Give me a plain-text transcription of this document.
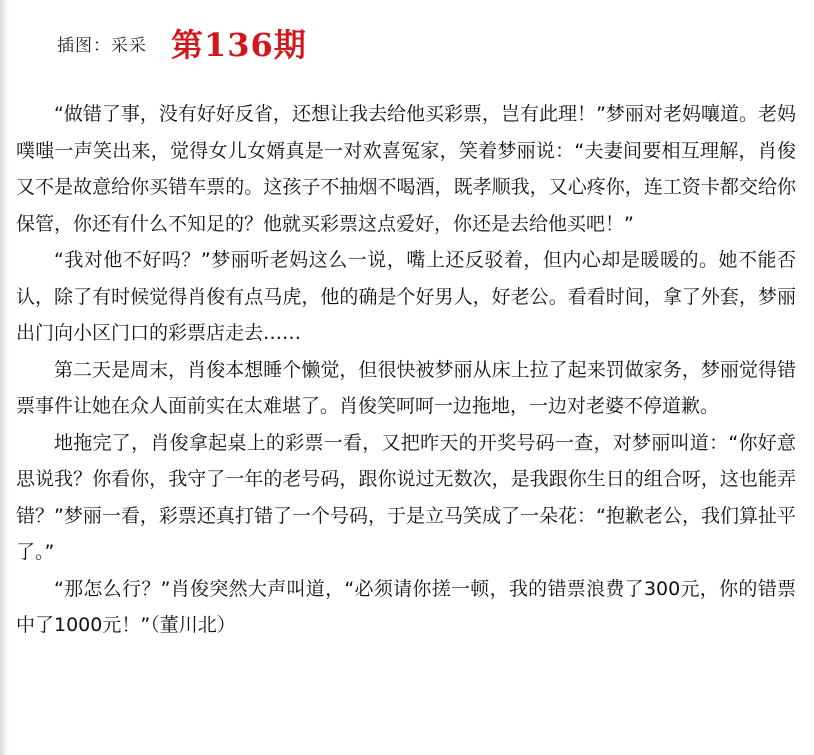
插图：采采 第136期

“做错了事，没有好好反省，还想让我去给他买彩票，岂有此理！”梦丽对老妈嚷道。老妈噗嗤一声笑出来，觉得女儿女婿真是一对欢喜冤家，笑着梦丽说：“夫妻间要相互理解，肖俊又不是故意给你买错车票的。这孩子不抽烟不喝酒，既孝顺我，又心疼你，连工资卡都交给你保管，你还有什么不知足的？他就买彩票这点爱好，你还是去给他买吧！”

“我对他不好吗？”梦丽听老妈这么一说，嘴上还反驳着，但内心却是暖暖的。她不能否认，除了有时候觉得肖俊有点马虎，他的确是个好男人，好老公。看看时间，拿了外套，梦丽出门向小区门口的彩票店走去……

第二天是周末，肖俊本想睡个懒觉，但很快被梦丽从床上拉了起来罚做家务，梦丽觉得错票事件让她在众人面前实在太难堪了。肖俊笑呵呵一边拖地，一边对老婆不停道歉。

地拖完了，肖俊拿起桌上的彩票一看，又把昨天的开奖号码一查，对梦丽叫道：“你好意思说我？你看你，我守了一年的老号码，跟你说过无数次，是我跟你生日的组合呀，这也能弄错？”梦丽一看，彩票还真打错了一个号码，于是立马笑成了一朵花：“抱歉老公，我们算扯平了。”

“那怎么行？”肖俊突然大声叫道，“必须请你搓一顿，我的错票浪费了300元，你的错票中了1000元！”（董川北）
